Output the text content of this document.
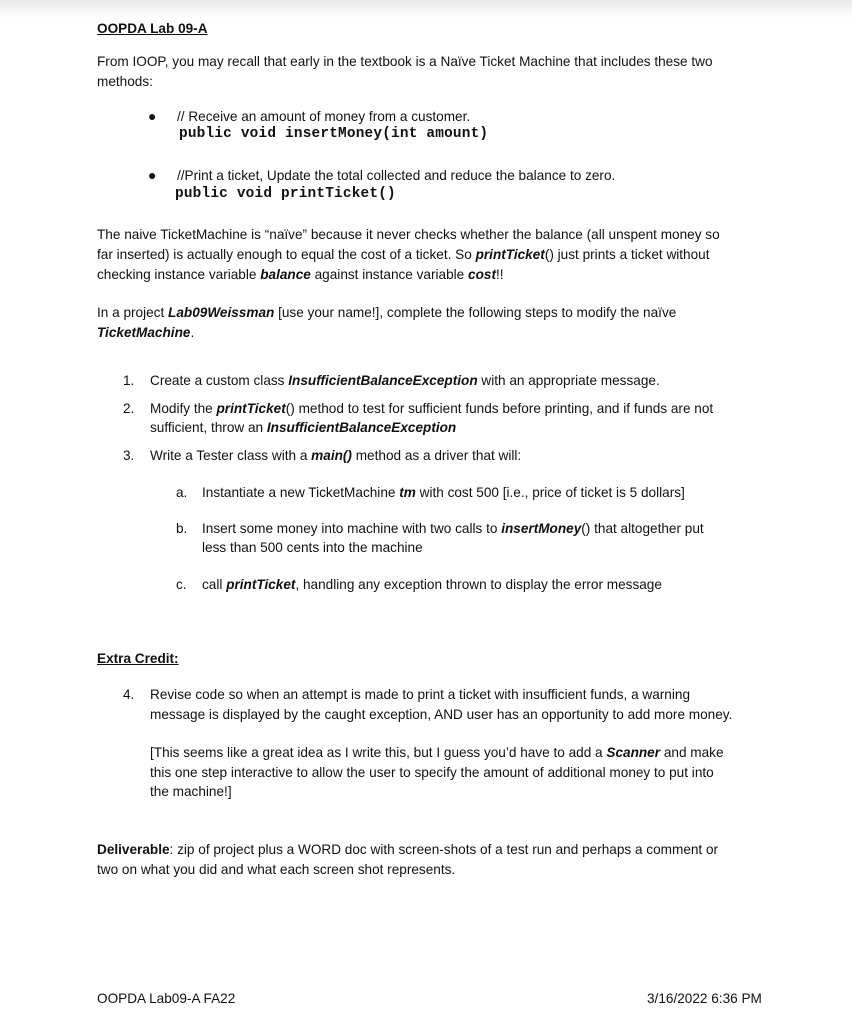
OOPDA Lab 09-A
From IOOP, you may recall that early in the textbook is a Naïve Ticket Machine that includes these two
methods:
● // Receive an amount of money from a customer.
public void insertMoney(int amount)
● //Print a ticket, Update the total collected and reduce the balance to zero.
public void printTicket()
The naive TicketMachine is “naïve” because it never checks whether the balance (all unspent money so
far inserted) is actually enough to equal the cost of a ticket. So printTicket() just prints a ticket without
checking instance variable balance against instance variable cost!!
In a project Lab09Weissman [use your name!], complete the following steps to modify the naïve
TicketMachine.
1. Create a custom class InsufficientBalanceException with an appropriate message.
2. Modify the printTicket() method to test for sufficient funds before printing, and if funds are not
sufficient, throw an InsufficientBalanceException
3. Write a Tester class with a main() method as a driver that will:
a. Instantiate a new TicketMachine tm with cost 500 [i.e., price of ticket is 5 dollars]
b. Insert some money into machine with two calls to insertMoney() that altogether put
less than 500 cents into the machine
c. call printTicket, handling any exception thrown to display the error message
Extra Credit:
4. Revise code so when an attempt is made to print a ticket with insufficient funds, a warning
message is displayed by the caught exception, AND user has an opportunity to add more money.
[This seems like a great idea as I write this, but I guess you’d have to add a Scanner and make
this one step interactive to allow the user to specify the amount of additional money to put into
the machine!]
Deliverable: zip of project plus a WORD doc with screen-shots of a test run and perhaps a comment or
two on what you did and what each screen shot represents.
OOPDA Lab09-A FA22	3/16/2022 6:36 PM
